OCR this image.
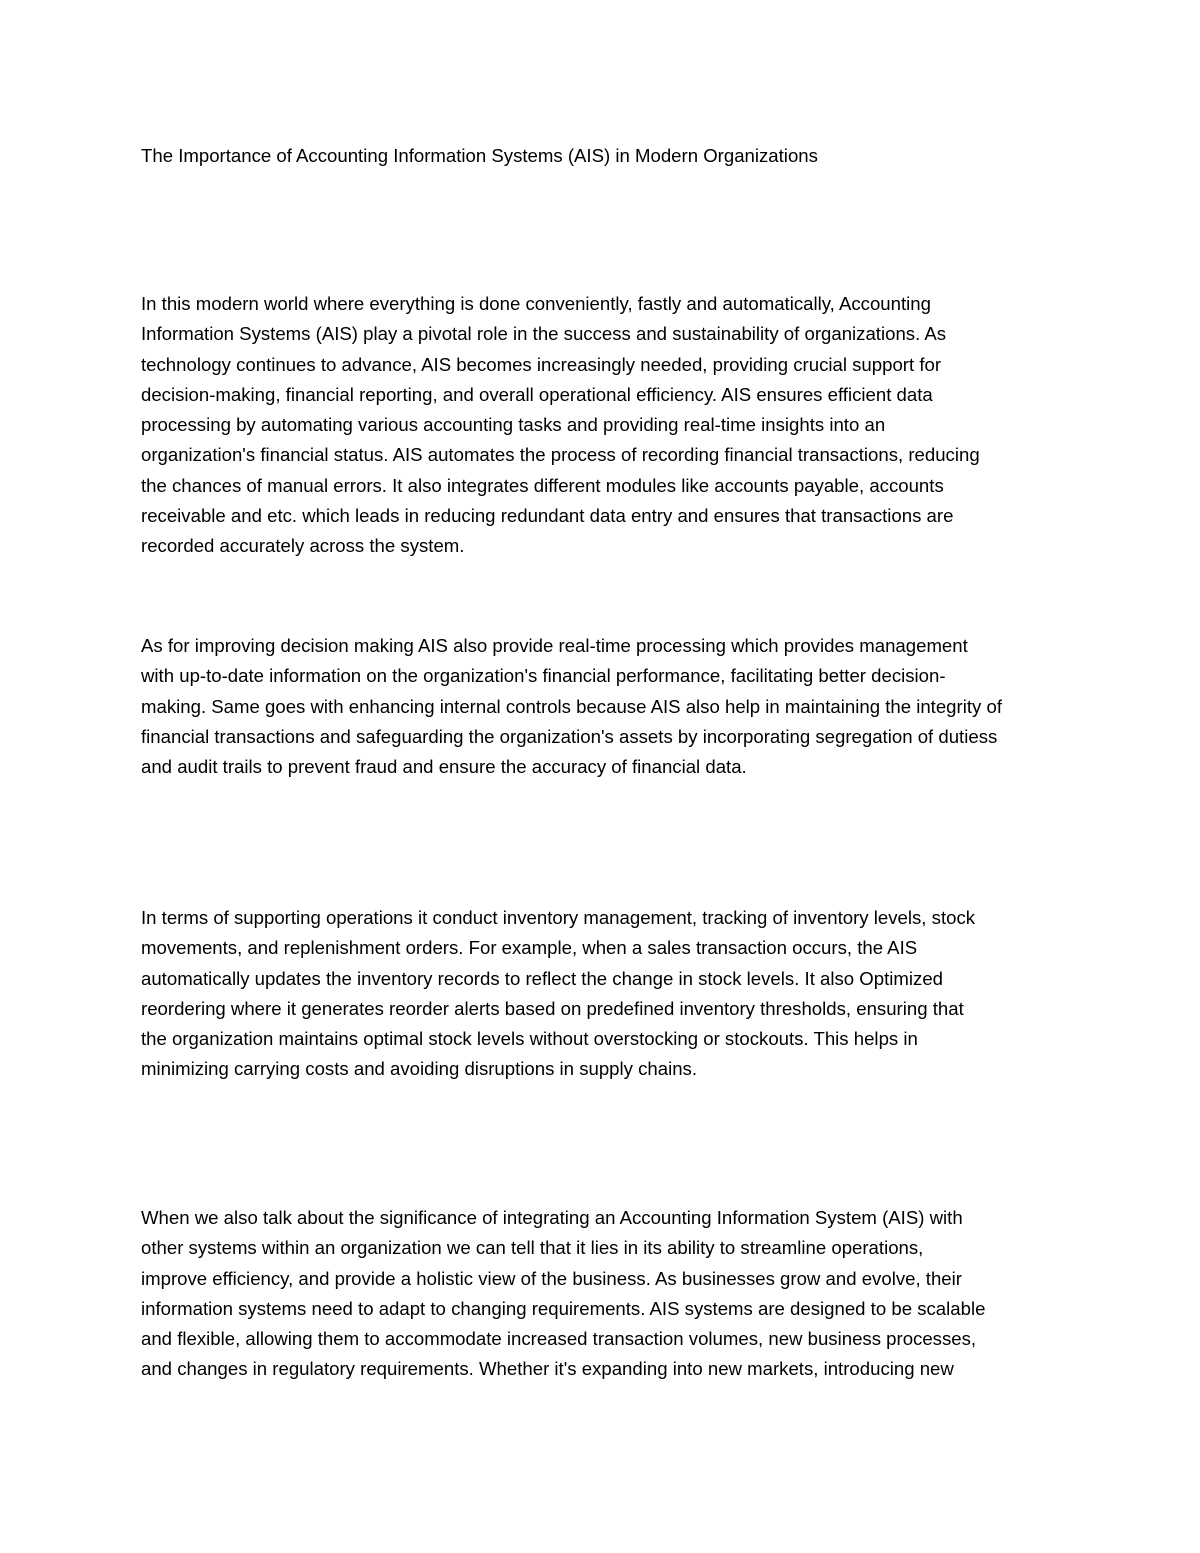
The Importance of Accounting Information Systems (AIS) in Modern Organizations

In this modern world where everything is done conveniently, fastly and automatically, Accounting
Information Systems (AIS) play a pivotal role in the success and sustainability of organizations. As
technology continues to advance, AIS becomes increasingly needed, providing crucial support for
decision-making, financial reporting, and overall operational efficiency. AIS ensures efficient data
processing by automating various accounting tasks and providing real-time insights into an
organization's financial status. AIS automates the process of recording financial transactions, reducing
the chances of manual errors. It also integrates different modules like accounts payable, accounts
receivable and etc. which leads in reducing redundant data entry and ensures that transactions are
recorded accurately across the system.

As for improving decision making AIS also provide real-time processing which provides management
with up-to-date information on the organization's financial performance, facilitating better decision-
making. Same goes with enhancing internal controls because AIS also help in maintaining the integrity of
financial transactions and safeguarding the organization's assets by incorporating segregation of dutiess
and audit trails to prevent fraud and ensure the accuracy of financial data.

In terms of supporting operations it conduct inventory management, tracking of inventory levels, stock
movements, and replenishment orders. For example, when a sales transaction occurs, the AIS
automatically updates the inventory records to reflect the change in stock levels. It also Optimized
reordering where it generates reorder alerts based on predefined inventory thresholds, ensuring that
the organization maintains optimal stock levels without overstocking or stockouts. This helps in
minimizing carrying costs and avoiding disruptions in supply chains.

When we also talk about the significance of integrating an Accounting Information System (AIS) with
other systems within an organization we can tell that it lies in its ability to streamline operations,
improve efficiency, and provide a holistic view of the business. As businesses grow and evolve, their
information systems need to adapt to changing requirements. AIS systems are designed to be scalable
and flexible, allowing them to accommodate increased transaction volumes, new business processes,
and changes in regulatory requirements. Whether it's expanding into new markets, introducing new
